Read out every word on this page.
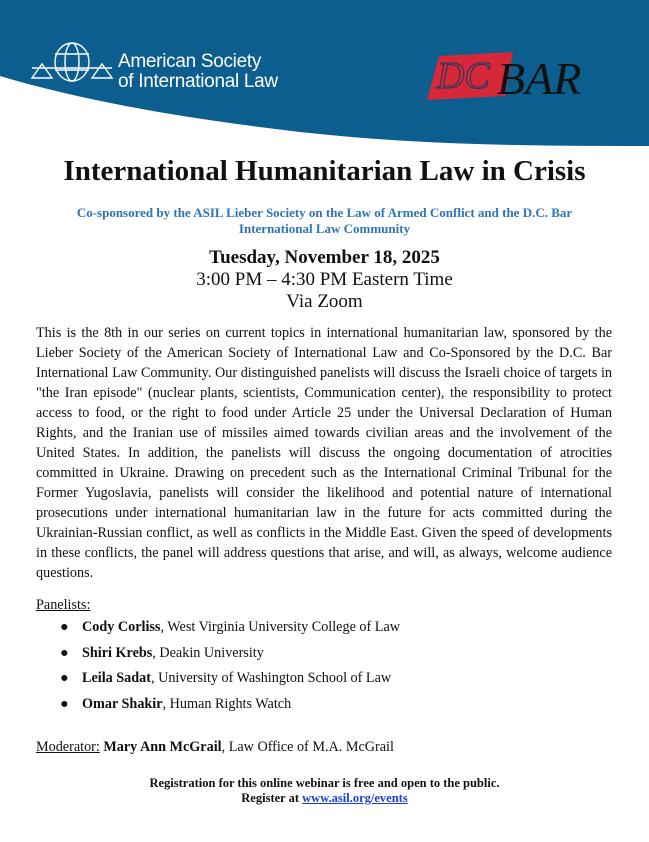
American Society
of International Law	DC BAR
International Humanitarian Law in Crisis
Co-sponsored by the ASIL Lieber Society on the Law of Armed Conflict and the D.C. Bar International Law Community
Tuesday, November 18, 2025
3:00 PM – 4:30 PM Eastern Time
Via Zoom

This is the 8th in our series on current topics in international humanitarian law, sponsored by the Lieber Society of the American Society of International Law and Co-Sponsored by the D.C. Bar International Law Community. Our distinguished panelists will discuss the Israeli choice of targets in "the Iran episode" (nuclear plants, scientists, Communication center), the responsibility to protect access to food, or the right to food under Article 25 under the Universal Declaration of Human Rights, and the Iranian use of missiles aimed towards civilian areas and the involvement of the United States. In addition, the panelists will discuss the ongoing documentation of atrocities committed in Ukraine. Drawing on precedent such as the International Criminal Tribunal for the Former Yugoslavia, panelists will consider the likelihood and potential nature of international prosecutions under international humanitarian law in the future for acts committed during the Ukrainian-Russian conflict, as well as conflicts in the Middle East. Given the speed of developments in these conflicts, the panel will address questions that arise, and will, as always, welcome audience questions.

Panelists:
● Cody Corliss , West Virginia University College of Law
● Shiri Krebs , Deakin University
● Leila Sadat , University of Washington School of Law
● Omar Shakir , Human Rights Watch
Moderator: Mary Ann McGrail, Law Office of M.A. McGrail
Registration for this online webinar is free and open to the public.
Register at www.asil.org/events
